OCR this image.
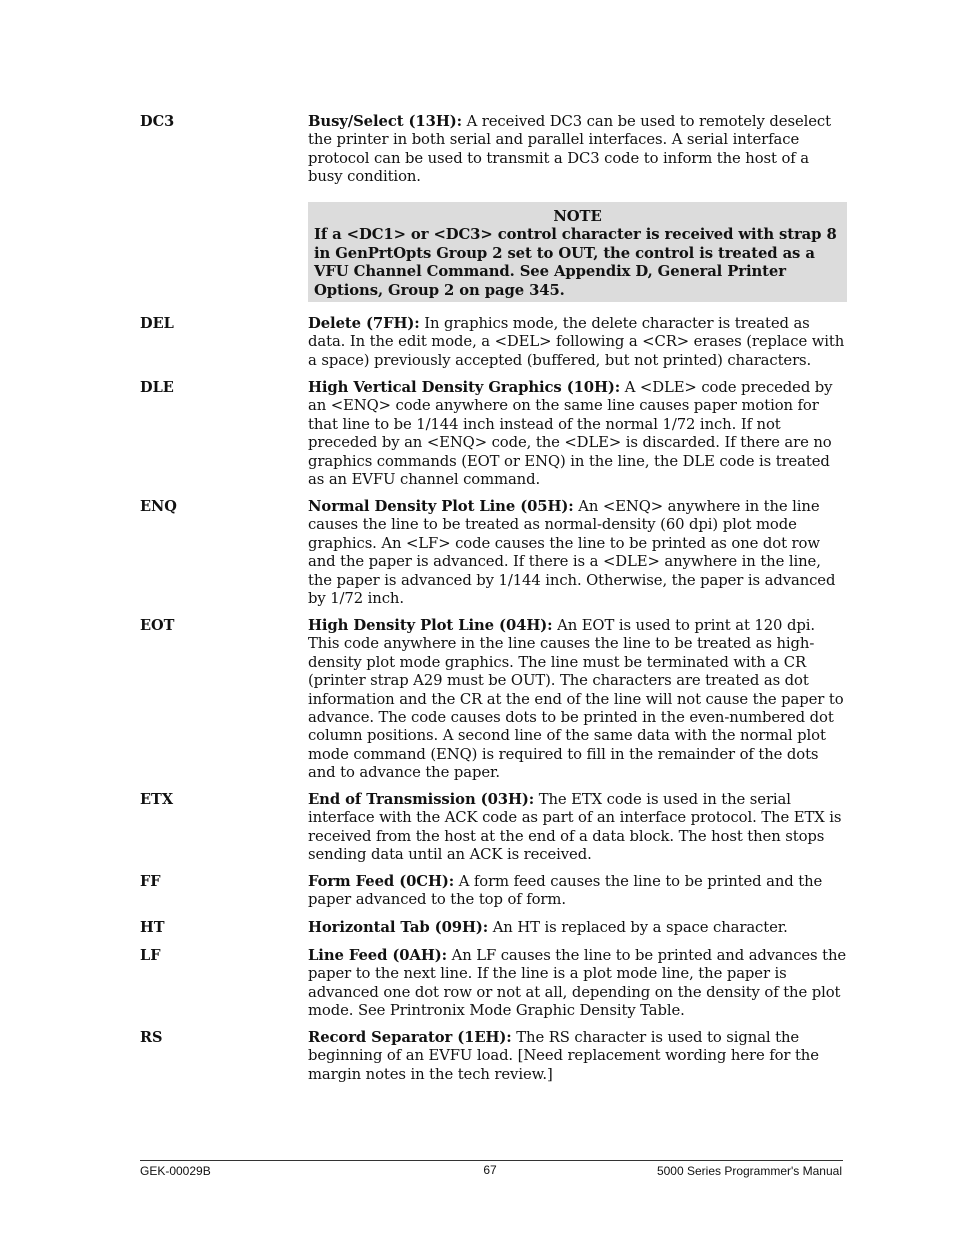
DC3	Busy/Select (13H): A received DC3 can be used to remotely deselect the printer in both serial and parallel interfaces. A serial interface protocol can be used to transmit a DC3 code to inform the host of a busy condition.
NOTE
If a <DC1> or <DC3> control character is received with strap 8 in GenPrtOpts Group 2 set to OUT, the control is treated as a VFU Channel Command. See Appendix D, General Printer Options, Group 2 on page 345.
DEL	Delete (7FH): In graphics mode, the delete character is treated as data. In the edit mode, a <DEL> following a <CR> erases (replace with a space) previously accepted (buffered, but not printed) characters.
DLE	High Vertical Density Graphics (10H): A <DLE> code preceded by an <ENQ> code anywhere on the same line causes paper motion for that line to be 1/144 inch instead of the normal 1/72 inch. If not preceded by an <ENQ> code, the <DLE> is discarded. If there are no graphics commands (EOT or ENQ) in the line, the DLE code is treated as an EVFU channel command.
ENQ	Normal Density Plot Line (05H): An <ENQ> anywhere in the line causes the line to be treated as normal-density (60 dpi) plot mode graphics. An <LF> code causes the line to be printed as one dot row and the paper is advanced. If there is a <DLE> anywhere in the line, the paper is advanced by 1/144 inch. Otherwise, the paper is advanced by 1/72 inch.
EOT	High Density Plot Line (04H): An EOT is used to print at 120 dpi. This code anywhere in the line causes the line to be treated as high-density plot mode graphics. The line must be terminated with a CR (printer strap A29 must be OUT). The characters are treated as dot information and the CR at the end of the line will not cause the paper to advance. The code causes dots to be printed in the even-numbered dot column positions. A second line of the same data with the normal plot mode command (ENQ) is required to fill in the remainder of the dots and to advance the paper.
ETX	End of Transmission (03H): The ETX code is used in the serial interface with the ACK code as part of an interface protocol. The ETX is received from the host at the end of a data block. The host then stops sending data until an ACK is received.
FF	Form Feed (0CH): A form feed causes the line to be printed and the paper advanced to the top of form.
HT	Horizontal Tab (09H): An HT is replaced by a space character.
LF	Line Feed (0AH): An LF causes the line to be printed and advances the paper to the next line. If the line is a plot mode line, the paper is advanced one dot row or not at all, depending on the density of the plot mode. See Printronix Mode Graphic Density Table.
RS	Record Separator (1EH): The RS character is used to signal the beginning of an EVFU load. [Need replacement wording here for the margin notes in the tech review.]
GEK-00029B	67	5000 Series Programmer's Manual
